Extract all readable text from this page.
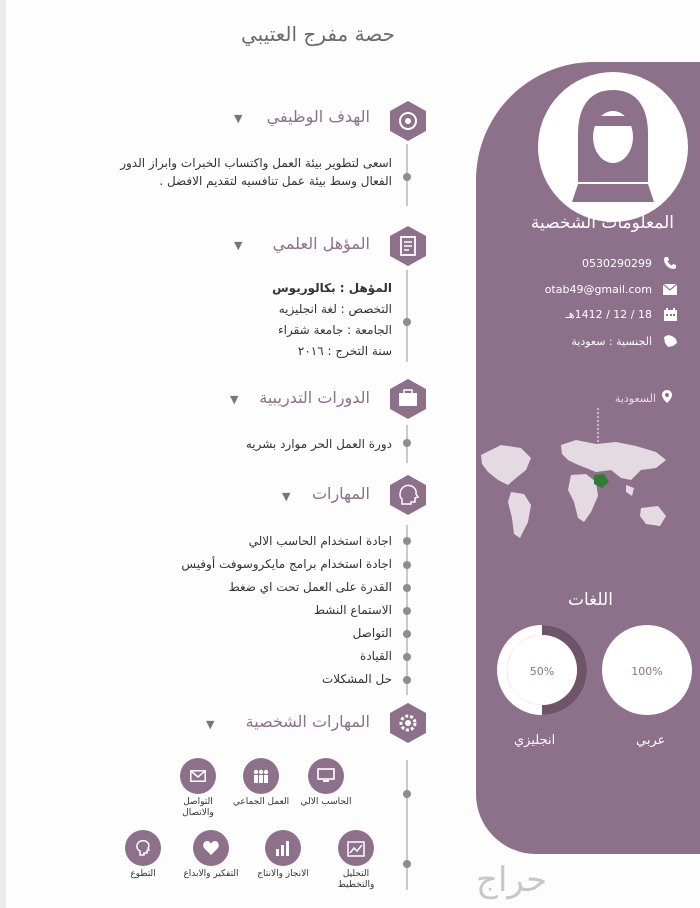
حصة مفرج العتيبي
المعلومات الشخصية
0530290299
otab49@gmail.com
18 / 12 / 1412هـ
الجنسية : سعودية
السعودية
اللغات
100%
50%
عربي
انجليزي
الهدف الوظيفي
▼
اسعى لتطوير بيئة العمل واكتساب الخبرات وابراز الدور
الفعال وسط بيئة عمل تنافسيه لتقديم الافضل .
المؤهل العلمي
▼
المؤهل : بكالوريوس
التخصص : لغة انجليزيه
الجامعة : جامعة شقراء
سنة التخرج : ٢٠١٦
الدورات التدريبية
▼
دورة العمل الحر موارد بشريه
المهارات
▼
اجادة استخدام الحاسب الالي
اجادة استخدام برامج مايكروسوفت أوفيس
القدرة على العمل تحت اي ضغط
الاستماع النشط
التواصل
القيادة
حل المشكلات
المهارات الشخصية
▼
الحاسب الالي
العمل الجماعي
التواصل والاتصال
التحليل والتخطيط
الانجاز والانتاج
التفكير والابداع
التطوع	حراج
